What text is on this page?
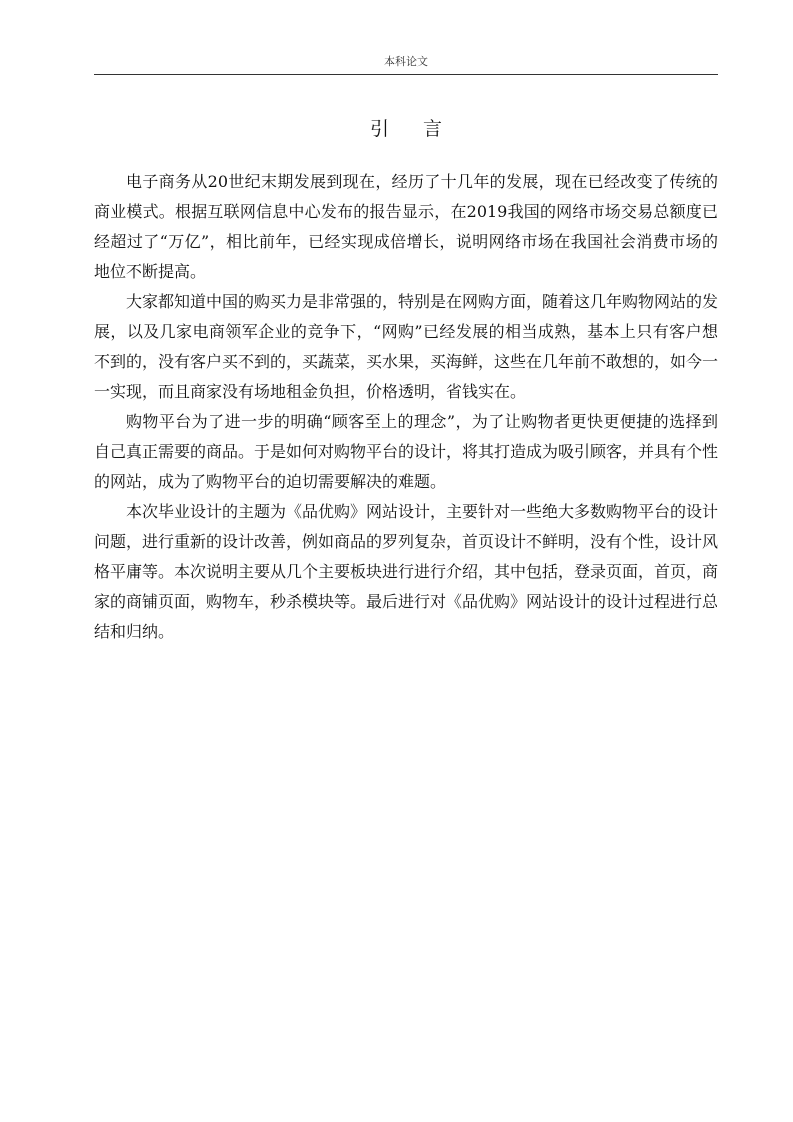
本科论文
引 言

电子商务从20世纪末期发展到现在，经历了十几年的发展，现在已经改变了传统的商业模式。根据互联网信息中心发布的报告显示，在2019我国的网络市场交易总额度已经超过了“万亿”，相比前年，已经实现成倍增长，说明网络市场在我国社会消费市场的地位不断提高。

大家都知道中国的购买力是非常强的，特别是在网购方面，随着这几年购物网站的发展，以及几家电商领军企业的竞争下，“网购”已经发展的相当成熟，基本上只有客户想不到的，没有客户买不到的，买蔬菜，买水果，买海鲜，这些在几年前不敢想的，如今一一实现，而且商家没有场地租金负担，价格透明，省钱实在。

购物平台为了进一步的明确“顾客至上的理念”，为了让购物者更快更便捷的选择到自己真正需要的商品。于是如何对购物平台的设计，将其打造成为吸引顾客，并具有个性的网站，成为了购物平台的迫切需要解决的难题。

本次毕业设计的主题为《品优购》网站设计，主要针对一些绝大多数购物平台的设计问题，进行重新的设计改善，例如商品的罗列复杂，首页设计不鲜明，没有个性，设计风格平庸等。本次说明主要从几个主要板块进行进行介绍，其中包括，登录页面，首页，商家的商铺页面，购物车，秒杀模块等。最后进行对《品优购》网站设计的设计过程进行总结和归纳。
